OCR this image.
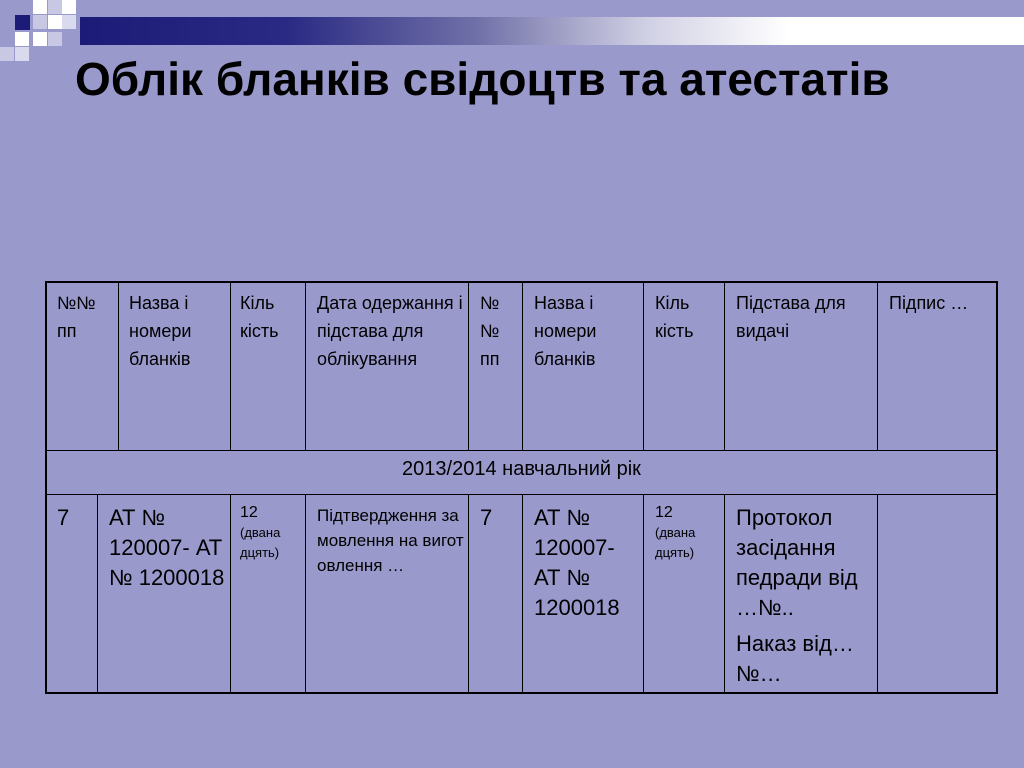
Облік бланків свідоцтв та атестатів
№№ пп
Назва і номери бланків
Кіль
кість
Дата одержання і підстава для облікування
№
№
пп
Назва і номери бланків
Кіль
кість
Підстава для видачі
Підпис …
2013/2014 навчальний рік
7	АТ № 120007- АТ № 1200018
12
(двана дцять)
Підтвердження замовлення на виготовлення …
7	АТ № 120007- АТ № 1200018
12
(двана дцять)
Протокол засідання педради від …№..
Наказ від… №…
